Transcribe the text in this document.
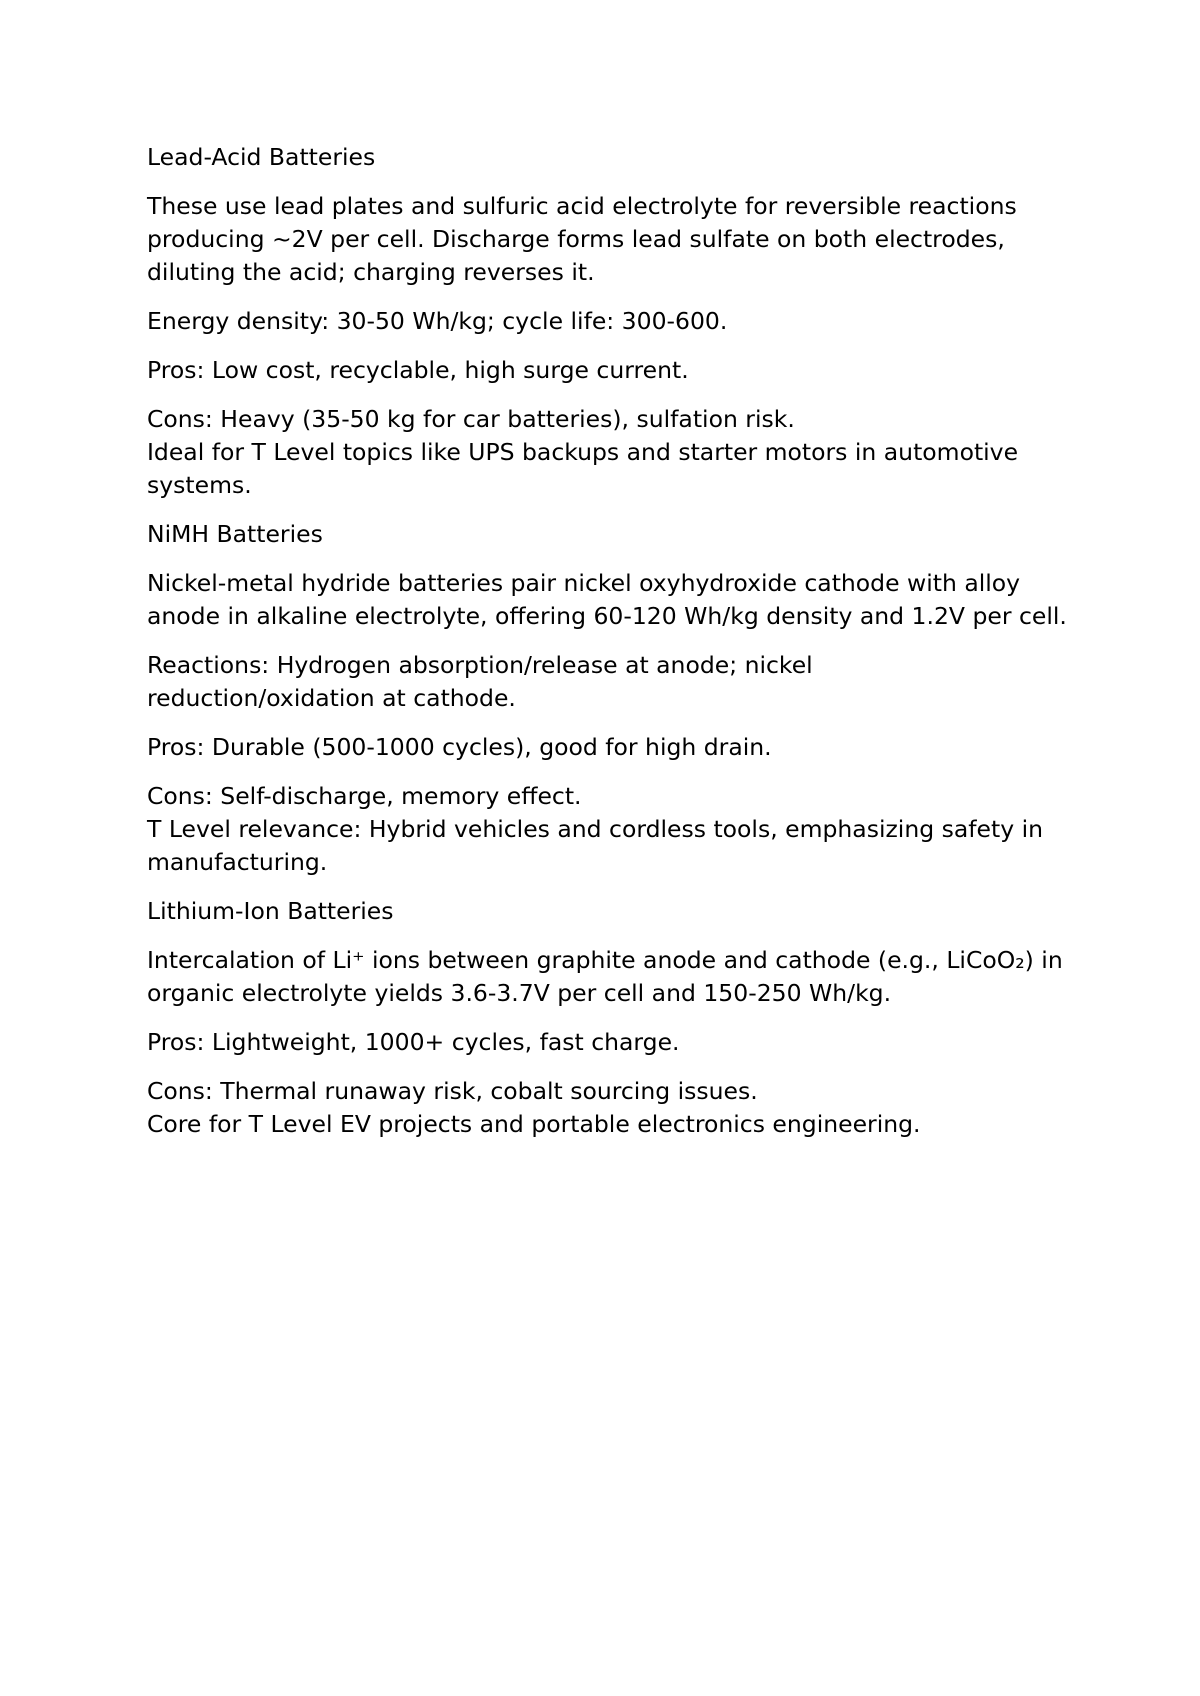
Lead-Acid Batteries

These use lead plates and sulfuric acid electrolyte for reversible reactions producing ~2V per cell. Discharge forms lead sulfate on both electrodes, diluting the acid; charging reverses it.

Energy density: 30-50 Wh/kg; cycle life: 300-600.

Pros: Low cost, recyclable, high surge current.

Cons: Heavy (35-50 kg for car batteries), sulfation risk.
Ideal for T Level topics like UPS backups and starter motors in automotive systems.

NiMH Batteries

Nickel-metal hydride batteries pair nickel oxyhydroxide cathode with alloy anode in alkaline electrolyte, offering 60-120 Wh/kg density and 1.2V per cell.

Reactions: Hydrogen absorption/release at anode; nickel
reduction/oxidation at cathode.

Pros: Durable (500-1000 cycles), good for high drain.

Cons: Self-discharge, memory effect.
T Level relevance: Hybrid vehicles and cordless tools, emphasizing safety in manufacturing.

Lithium-Ion Batteries

Intercalation of Li⁺ ions between graphite anode and cathode (e.g., LiCoO₂) in organic electrolyte yields 3.6-3.7V per cell and 150-250 Wh/kg.

Pros: Lightweight, 1000+ cycles, fast charge.

Cons: Thermal runaway risk, cobalt sourcing issues.
Core for T Level EV projects and portable electronics engineering.
